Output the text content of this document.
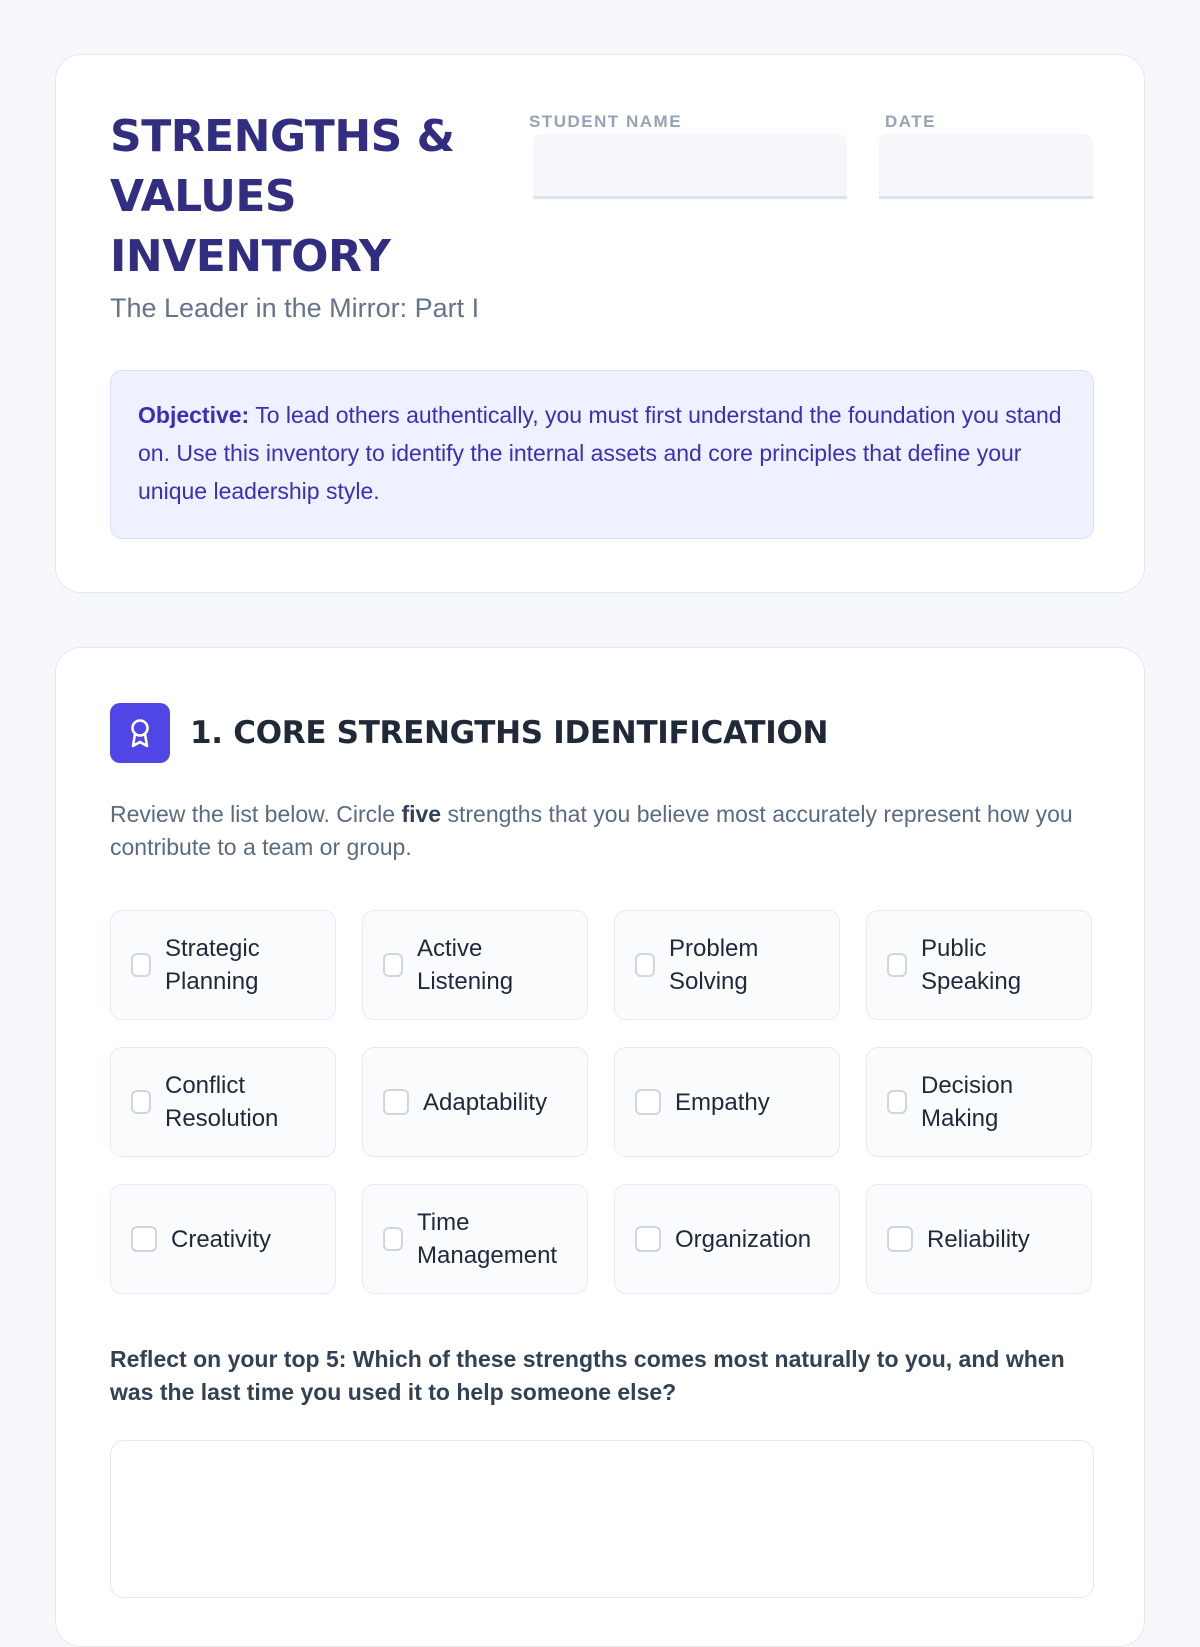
STRENGTHS & VALUES INVENTORY
The Leader in the Mirror: Part I
STUDENT NAME	DATE
Objective: To lead others authentically, you must first understand the foundation you stand on. Use this inventory to identify the internal assets and core principles that define your unique leadership style.
1. CORE STRENGTHS IDENTIFICATION

Review the list below. Circle five strengths that you believe most accurately represent how you contribute to a team or group.

Strategic Planning
Active Listening
Problem Solving
Public Speaking
Conflict Resolution
Adaptability	Empathy
Decision Making
Creativity
Time Management
Organization	Reliability

Reflect on your top 5: Which of these strengths comes most naturally to you, and when was the last time you used it to help someone else?
